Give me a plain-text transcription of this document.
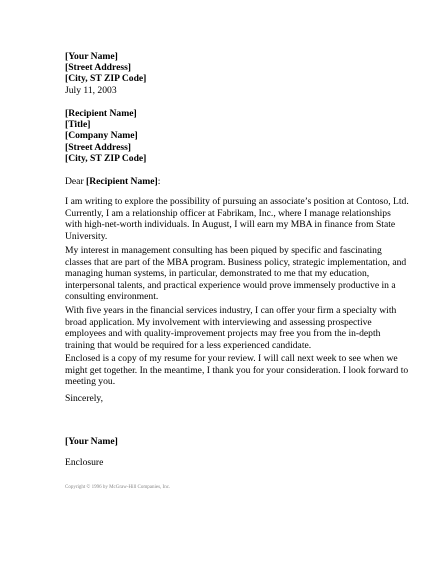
[Your Name]
[Street Address]
[City, ST ZIP Code]
July 11, 2003
[Recipient Name]
[Title]
[Company Name]
[Street Address]
[City, ST ZIP Code]
Dear [Recipient Name]:
I am writing to explore the possibility of pursuing an associate’s position at Contoso, Ltd.
Currently, I am a relationship officer at Fabrikam, Inc., where I manage relationships
with high-net-worth individuals. In August, I will earn my MBA in finance from State
University.
My interest in management consulting has been piqued by specific and fascinating
classes that are part of the MBA program. Business policy, strategic implementation, and
managing human systems, in particular, demonstrated to me that my education,
interpersonal talents, and practical experience would prove immensely productive in a
consulting environment.
With five years in the financial services industry, I can offer your firm a specialty with
broad application. My involvement with interviewing and assessing prospective
employees and with quality-improvement projects may free you from the in-depth
training that would be required for a less experienced candidate.
Enclosed is a copy of my resume for your review. I will call next week to see when we
might get together. In the meantime, I thank you for your consideration. I look forward to
meeting you.
Sincerely,
[Your Name]
Enclosure
Copyright © 1996 by McGraw-Hill Companies, Inc.
